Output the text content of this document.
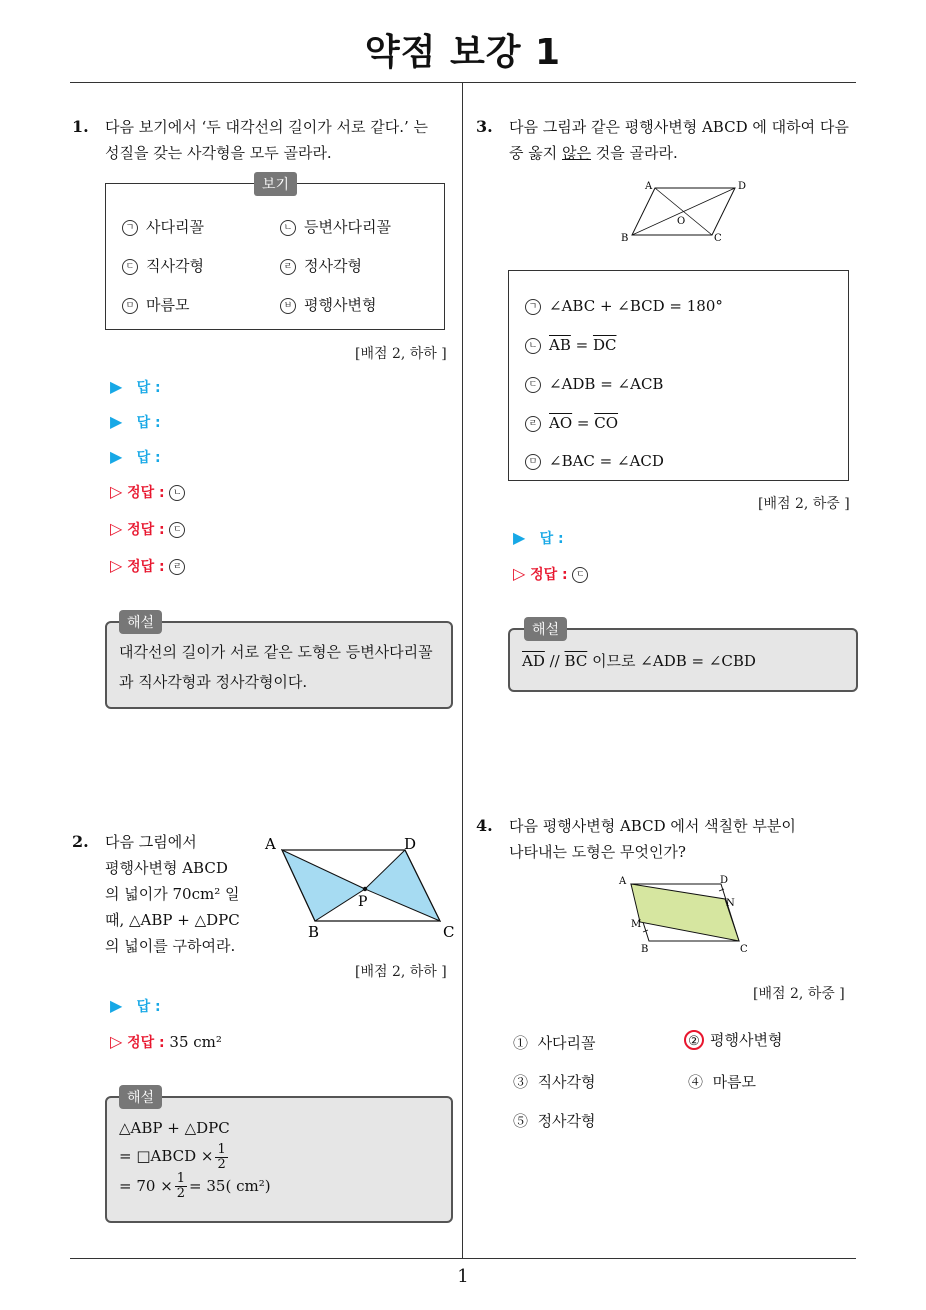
약점 보강 1
1
1. 다음 보기에서 ‘두 대각선의 길이가 서로 같다.’ 는
성질을 갖는 사각형을 모두 골라라.
보기
ㄱ 사다리꼴	ㄴ 등변사다리꼴
ㄷ 직사각형	ㄹ 정사각형
ㅁ 마름모	ㅂ 평행사변형
[배점 2, 하하 ]
▶ 답 :
▶ 답 :
▶ 답 :
▷ 정답 : ㄴ
▷ 정답 : ㄷ
▷ 정답 : ㄹ
해설
대각선의 길이가 서로 같은 도형은 등변사다리꼴
과 직사각형과 정사각형이다.
2. 다음 그림에서
평행사변형 ABCD
의 넓이가 70cm² 일
때, △ABP + △DPC
의 넓이를 구하여라.
A	D
B	C
P
[배점 2, 하하 ]
▶ 답 :
▷ 정답 : 35 cm²
해설
△ABP + △DPC
= □ABCD × $\frac{1}{2}$
= $70 \times \frac{1}{2} = 35$( cm²)
3. 다음 그림과 같은 평행사변형 ABCD 에 대하여 다음
중 옳지 않은 것을 골라라.
A	D
B	C
O
ㄱ ∠ABC + ∠BCD = 180°
ㄴ $\overline{AB} = \overline{DC}$
ㄷ ∠ADB = ∠ACB
ㄹ $\overline{AO} = \overline{CO}$
ㅁ ∠BAC = ∠ACD
[배점 2, 하중 ]
▶ 답 :
▷ 정답 : ㄷ
해설
$\overline{AD} // \overline{BC}$ 이므로 ∠ADB = ∠CBD
4. 다음 평행사변형 ABCD 에서 색칠한 부분이
나타내는 도형은 무엇인가?
A	D
N
M
B	C
[배점 2, 하중 ]
① 사다리꼴	② 평행사변형
③ 직사각형	④ 마름모
⑤ 정사각형
